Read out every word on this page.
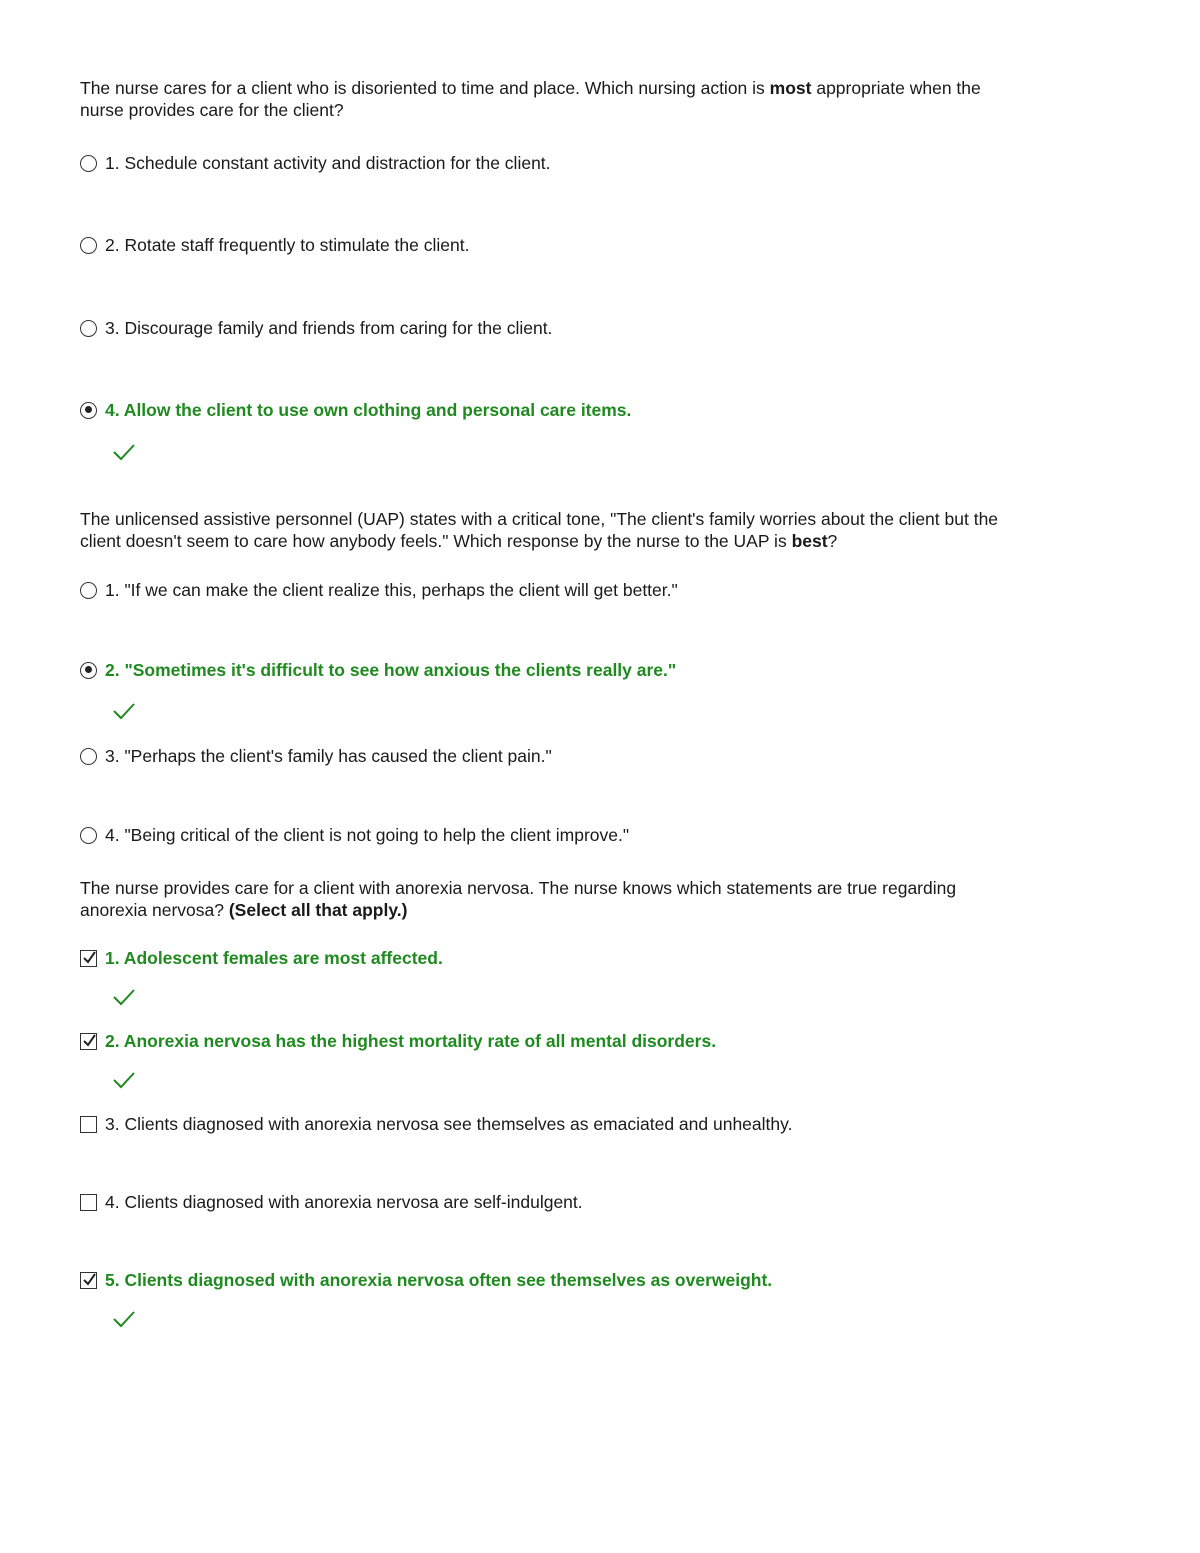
The nurse cares for a client who is disoriented to time and place. Which nursing action is most appropriate when the nurse provides care for the client?

1. Schedule constant activity and distraction for the client.
2. Rotate staff frequently to stimulate the client.
3. Discourage family and friends from caring for the client.
4. Allow the client to use own clothing and personal care items.

The unlicensed assistive personnel (UAP) states with a critical tone, "The client's family worries about the client but the client doesn't seem to care how anybody feels." Which response by the nurse to the UAP is best?

1. "If we can make the client realize this, perhaps the client will get better."
2. "Sometimes it's difficult to see how anxious the clients really are."
3. "Perhaps the client's family has caused the client pain."
4. "Being critical of the client is not going to help the client improve."

The nurse provides care for a client with anorexia nervosa. The nurse knows which statements are true regarding anorexia nervosa? (Select all that apply.)

1. Adolescent females are most affected.
2. Anorexia nervosa has the highest mortality rate of all mental disorders.
3. Clients diagnosed with anorexia nervosa see themselves as emaciated and unhealthy.
4. Clients diagnosed with anorexia nervosa are self-indulgent.
5. Clients diagnosed with anorexia nervosa often see themselves as overweight.
